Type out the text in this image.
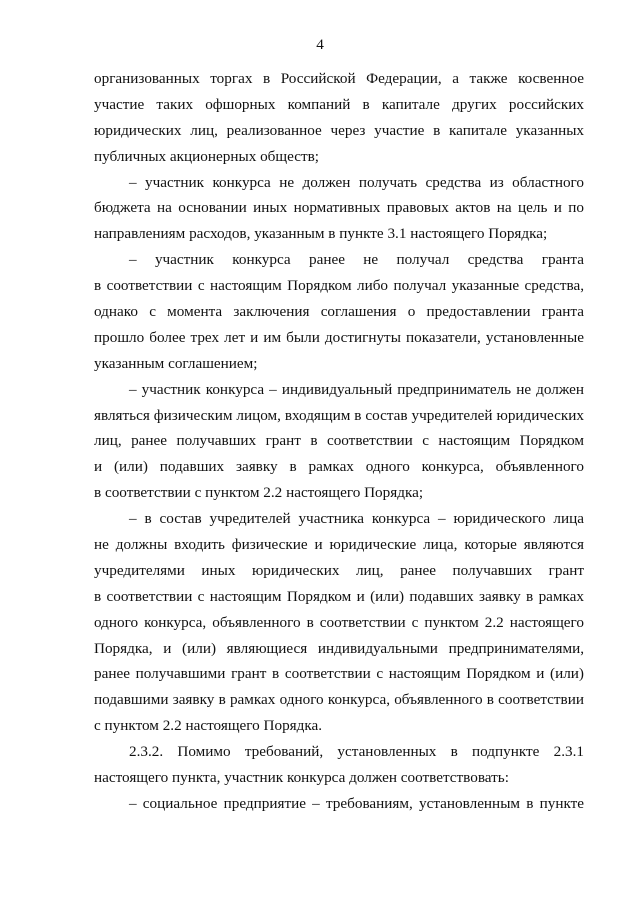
4
организованных торгах в Российской Федерации, а также косвенное
участие таких офшорных компаний в капитале других российских
юридических лиц, реализованное через участие в капитале указанных
публичных акционерных обществ;
– участник конкурса не должен получать средства из областного
бюджета на основании иных нормативных правовых актов на цель и по
направлениям расходов, указанным в пункте 3.1 настоящего Порядка;
– участник конкурса ранее не получал средства гранта
в соответствии с настоящим Порядком либо получал указанные средства,
однако с момента заключения соглашения о предоставлении гранта
прошло более трех лет и им были достигнуты показатели, установленные
указанным соглашением;
– участник конкурса – индивидуальный предприниматель не должен
являться физическим лицом, входящим в состав учредителей юридических
лиц, ранее получавших грант в соответствии с настоящим Порядком
и (или) подавших заявку в рамках одного конкурса, объявленного
в соответствии с пунктом 2.2 настоящего Порядка;
– в состав учредителей участника конкурса – юридического лица
не должны входить физические и юридические лица, которые являются
учредителями иных юридических лиц, ранее получавших грант
в соответствии с настоящим Порядком и (или) подавших заявку в рамках
одного конкурса, объявленного в соответствии с пунктом 2.2 настоящего
Порядка, и (или) являющиеся индивидуальными предпринимателями,
ранее получавшими грант в соответствии с настоящим Порядком и (или)
подавшими заявку в рамках одного конкурса, объявленного в соответствии
с пунктом 2.2 настоящего Порядка.
2.3.2. Помимо требований, установленных в подпункте 2.3.1
настоящего пункта, участник конкурса должен соответствовать:
– социальное предприятие – требованиям, установленным в пункте
